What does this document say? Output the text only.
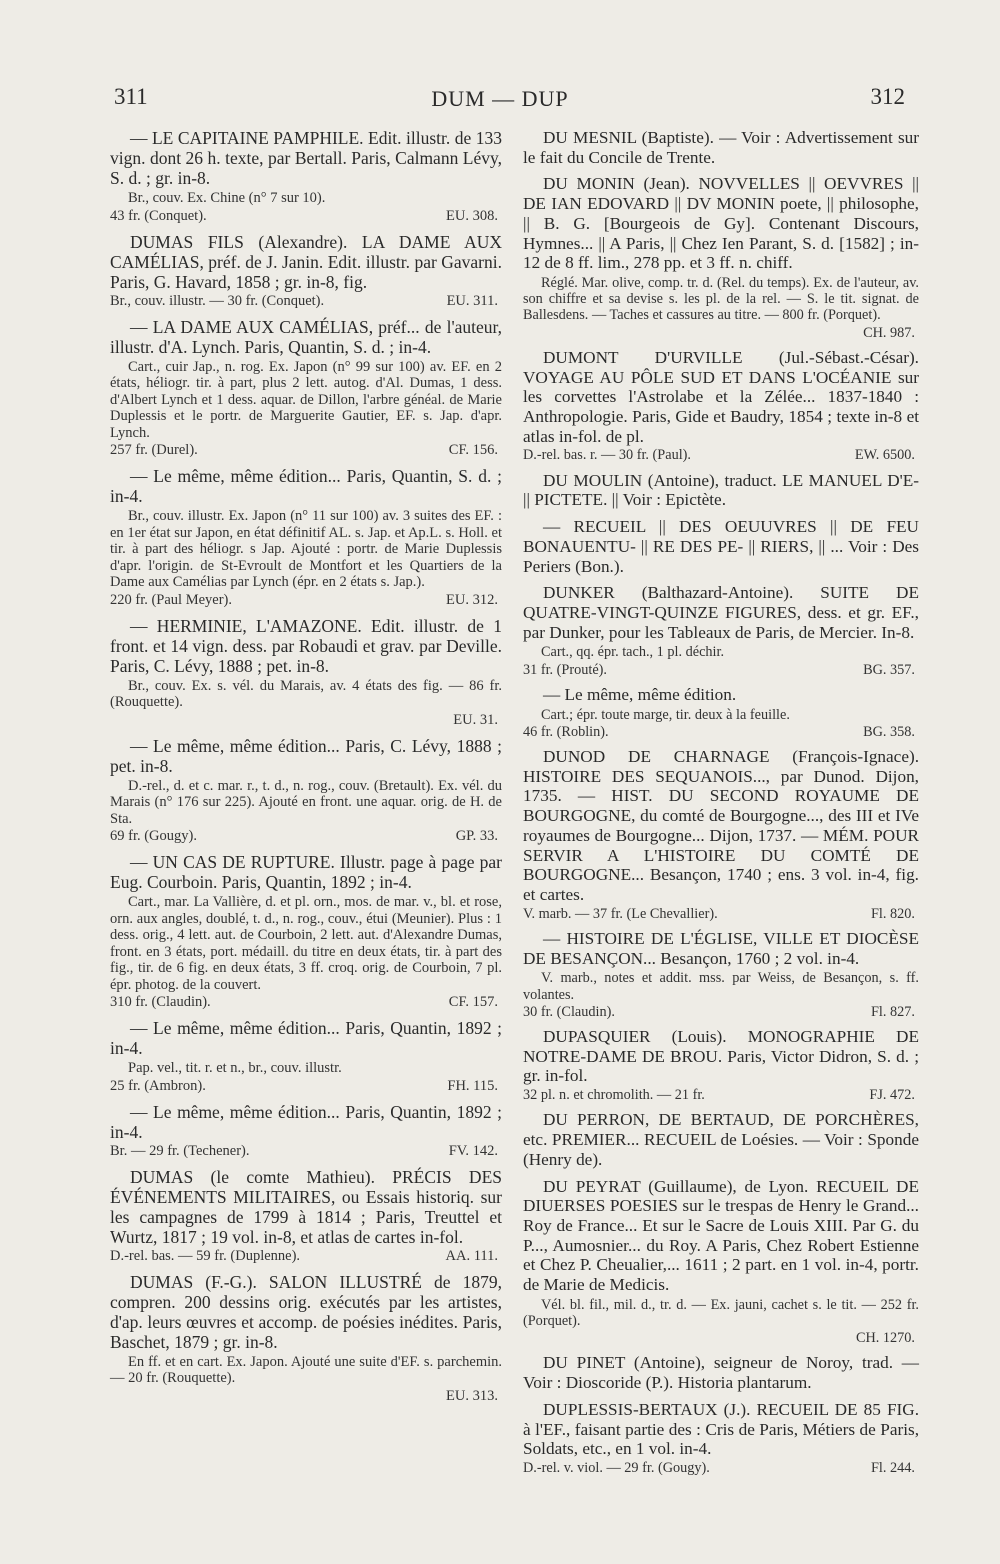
311	DUM — DUP	312

— LE CAPITAINE PAMPHILE. Edit. illustr. de 133 vign. dont 26 h. texte, par Bertall. Paris, Calmann Lévy, S. d. ; gr. in-8.

Br., couv. Ex. Chine (n° 7 sur 10).

43 fr. (Conquet).	EU. 308.

DUMAS FILS (Alexandre). LA DAME AUX CAMÉLIAS, préf. de J. Janin. Edit. illustr. par Gavarni. Paris, G. Havard, 1858 ; gr. in-8, fig.

Br., couv. illustr. — 30 fr. (Conquet).	EU. 311.

— LA DAME AUX CAMÉLIAS, préf... de l'auteur, illustr. d'A. Lynch. Paris, Quantin, S. d. ; in-4.

Cart., cuir Jap., n. rog. Ex. Japon (n° 99 sur 100) av. EF. en 2 états, héliogr. tir. à part, plus 2 lett. autog. d'Al. Dumas, 1 dess. d'Albert Lynch et 1 dess. aquar. de Dillon, l'arbre généal. de Marie Duplessis et le portr. de Marguerite Gautier, EF. s. Jap. d'apr. Lynch.

257 fr. (Durel).	CF. 156.

— Le même, même édition... Paris, Quantin, S. d. ; in-4.

Br., couv. illustr. Ex. Japon (n° 11 sur 100) av. 3 suites des EF. : en 1er état sur Japon, en état définitif AL. s. Jap. et Ap.L. s. Holl. et tir. à part des héliogr. s Jap. Ajouté : portr. de Marie Duplessis d'apr. l'origin. de St-Evroult de Montfort et les Quartiers de la Dame aux Camélias par Lynch (épr. en 2 états s. Jap.).

220 fr. (Paul Meyer).	EU. 312.

— HERMINIE, L'AMAZONE. Edit. illustr. de 1 front. et 14 vign. dess. par Robaudi et grav. par Deville. Paris, C. Lévy, 1888 ; pet. in-8.

Br., couv. Ex. s. vél. du Marais, av. 4 états des fig. — 86 fr. (Rouquette).

EU. 31.

— Le même, même édition... Paris, C. Lévy, 1888 ; pet. in-8.

D.-rel., d. et c. mar. r., t. d., n. rog., couv. (Bretault). Ex. vél. du Marais (n° 176 sur 225). Ajouté en front. une aquar. orig. de H. de Sta.

69 fr. (Gougy).	GP. 33.

— UN CAS DE RUPTURE. Illustr. page à page par Eug. Courboin. Paris, Quantin, 1892 ; in-4.

Cart., mar. La Vallière, d. et pl. orn., mos. de mar. v., bl. et rose, orn. aux angles, doublé, t. d., n. rog., couv., étui (Meunier). Plus : 1 dess. orig., 4 lett. aut. de Courboin, 2 lett. aut. d'Alexandre Dumas, front. en 3 états, port. médaill. du titre en deux états, tir. à part des fig., tir. de 6 fig. en deux états, 3 ff. croq. orig. de Courboin, 7 pl. épr. photog. de la couvert.

310 fr. (Claudin).	CF. 157.

— Le même, même édition... Paris, Quantin, 1892 ; in-4.

Pap. vel., tit. r. et n., br., couv. illustr.

25 fr. (Ambron).	FH. 115.

— Le même, même édition... Paris, Quantin, 1892 ; in-4.

Br. — 29 fr. (Techener).	FV. 142.

DUMAS (le comte Mathieu). PRÉCIS DES ÉVÉNEMENTS MILITAIRES, ou Essais historiq. sur les campagnes de 1799 à 1814 ; Paris, Treuttel et Wurtz, 1817 ; 19 vol. in-8, et atlas de cartes in-fol.

D.-rel. bas. — 59 fr. (Duplenne).	AA. 111.

DUMAS (F.-G.). SALON ILLUSTRÉ de 1879, compren. 200 dessins orig. exécutés par les artistes, d'ap. leurs œuvres et accomp. de poésies inédites. Paris, Baschet, 1879 ; gr. in-8.

En ff. et en cart. Ex. Japon. Ajouté une suite d'EF. s. parchemin. — 20 fr. (Rouquette).

EU. 313.

DU MESNIL (Baptiste). — Voir : Advertissement sur le fait du Concile de Trente.

DU MONIN (Jean). NOVVELLES || OEVVRES || DE IAN EDOVARD || DV MONIN poete, || philosophe, || B. G. [Bourgeois de Gy]. Contenant Discours, Hymnes... || A Paris, || Chez Ien Parant, S. d. [1582] ; in-12 de 8 ff. lim., 278 pp. et 3 ff. n. chiff.

Réglé. Mar. olive, comp. tr. d. (Rel. du temps). Ex. de l'auteur, av. son chiffre et sa devise s. les pl. de la rel. — S. le tit. signat. de Ballesdens. — Taches et cassures au titre. — 800 fr. (Porquet).

CH. 987.

DUMONT D'URVILLE (Jul.-Sébast.-César). VOYAGE AU PÔLE SUD ET DANS L'OCÉANIE sur les corvettes l'Astrolabe et la Zélée... 1837-1840 : Anthropologie. Paris, Gide et Baudry, 1854 ; texte in-8 et atlas in-fol. de pl.

D.-rel. bas. r. — 30 fr. (Paul).	EW. 6500.

DU MOULIN (Antoine), traduct. LE MANUEL D'E- || PICTETE. || Voir : Epictète.

— RECUEIL || DES OEUUVRES || DE FEU BONAUENTU- || RE DES PE- || RIERS, || ... Voir : Des Periers (Bon.).

DUNKER (Balthazard-Antoine). SUITE DE QUATRE-VINGT-QUINZE FIGURES, dess. et gr. EF., par Dunker, pour les Tableaux de Paris, de Mercier. In-8.

Cart., qq. épr. tach., 1 pl. déchir.

31 fr. (Prouté).	BG. 357.

— Le même, même édition.

Cart.; épr. toute marge, tir. deux à la feuille.

46 fr. (Roblin).	BG. 358.

DUNOD DE CHARNAGE (François-Ignace). HISTOIRE DES SEQUANOIS..., par Dunod. Dijon, 1735. — HIST. DU SECOND ROYAUME DE BOURGOGNE, du comté de Bourgogne..., des III et IVe royaumes de Bourgogne... Dijon, 1737. — MÉM. POUR SERVIR A L'HISTOIRE DU COMTÉ DE BOURGOGNE... Besançon, 1740 ; ens. 3 vol. in-4, fig. et cartes.

V. marb. — 37 fr. (Le Chevallier).	Fl. 820.

— HISTOIRE DE L'ÉGLISE, VILLE ET DIOCÈSE DE BESANÇON... Besançon, 1760 ; 2 vol. in-4.

V. marb., notes et addit. mss. par Weiss, de Besançon, s. ff. volantes.

30 fr. (Claudin).	Fl. 827.

DUPASQUIER (Louis). MONOGRAPHIE DE NOTRE-DAME DE BROU. Paris, Victor Didron, S. d. ; gr. in-fol.

32 pl. n. et chromolith. — 21 fr.	FJ. 472.

DU PERRON, DE BERTAUD, DE PORCHÈRES, etc. PREMIER... RECUEIL de Loésies. — Voir : Sponde (Henry de).

DU PEYRAT (Guillaume), de Lyon. RECUEIL DE DIUERSES POESIES sur le trespas de Henry le Grand... Roy de France... Et sur le Sacre de Louis XIII. Par G. du P..., Aumosnier... du Roy. A Paris, Chez Robert Estienne et Chez P. Cheualier,... 1611 ; 2 part. en 1 vol. in-4, portr. de Marie de Medicis.

Vél. bl. fil., mil. d., tr. d. — Ex. jauni, cachet s. le tit. — 252 fr. (Porquet).

CH. 1270.

DU PINET (Antoine), seigneur de Noroy, trad. — Voir : Dioscoride (P.). Historia plantarum.

DUPLESSIS-BERTAUX (J.). RECUEIL DE 85 FIG. à l'EF., faisant partie des : Cris de Paris, Métiers de Paris, Soldats, etc., en 1 vol. in-4.

D.-rel. v. viol. — 29 fr. (Gougy).	Fl. 244.
